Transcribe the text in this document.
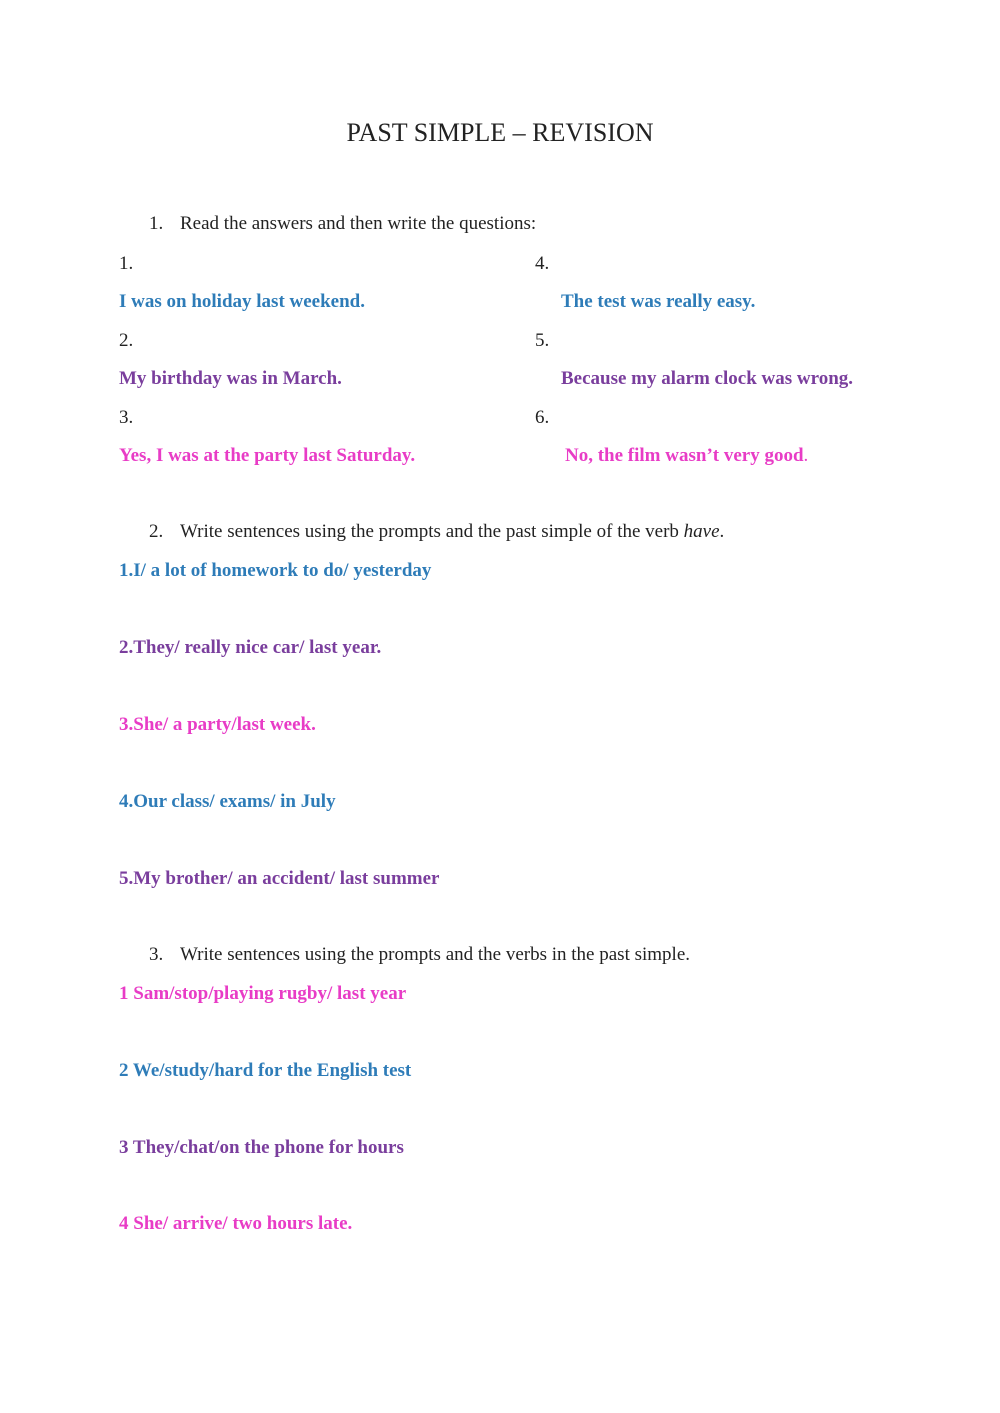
PAST SIMPLE – REVISION
1. Read the answers and then write the questions:
1.
I was on holiday last weekend.
2.
My birthday was in March.
3.
Yes, I was at the party last Saturday.
4.
The test was really easy.
5.
Because my alarm clock was wrong.
6.
No, the film wasn’t very good.
2. Write sentences using the prompts and the past simple of the verb have.
1.I/ a lot of homework to do/ yesterday
2.They/ really nice car/ last year.
3.She/ a party/last week.
4.Our class/ exams/ in July
5.My brother/ an accident/ last summer
3. Write sentences using the prompts and the verbs in the past simple.
1 Sam/stop/playing rugby/ last year
2 We/study/hard for the English test
3 They/chat/on the phone for hours
4 She/ arrive/ two hours late.
